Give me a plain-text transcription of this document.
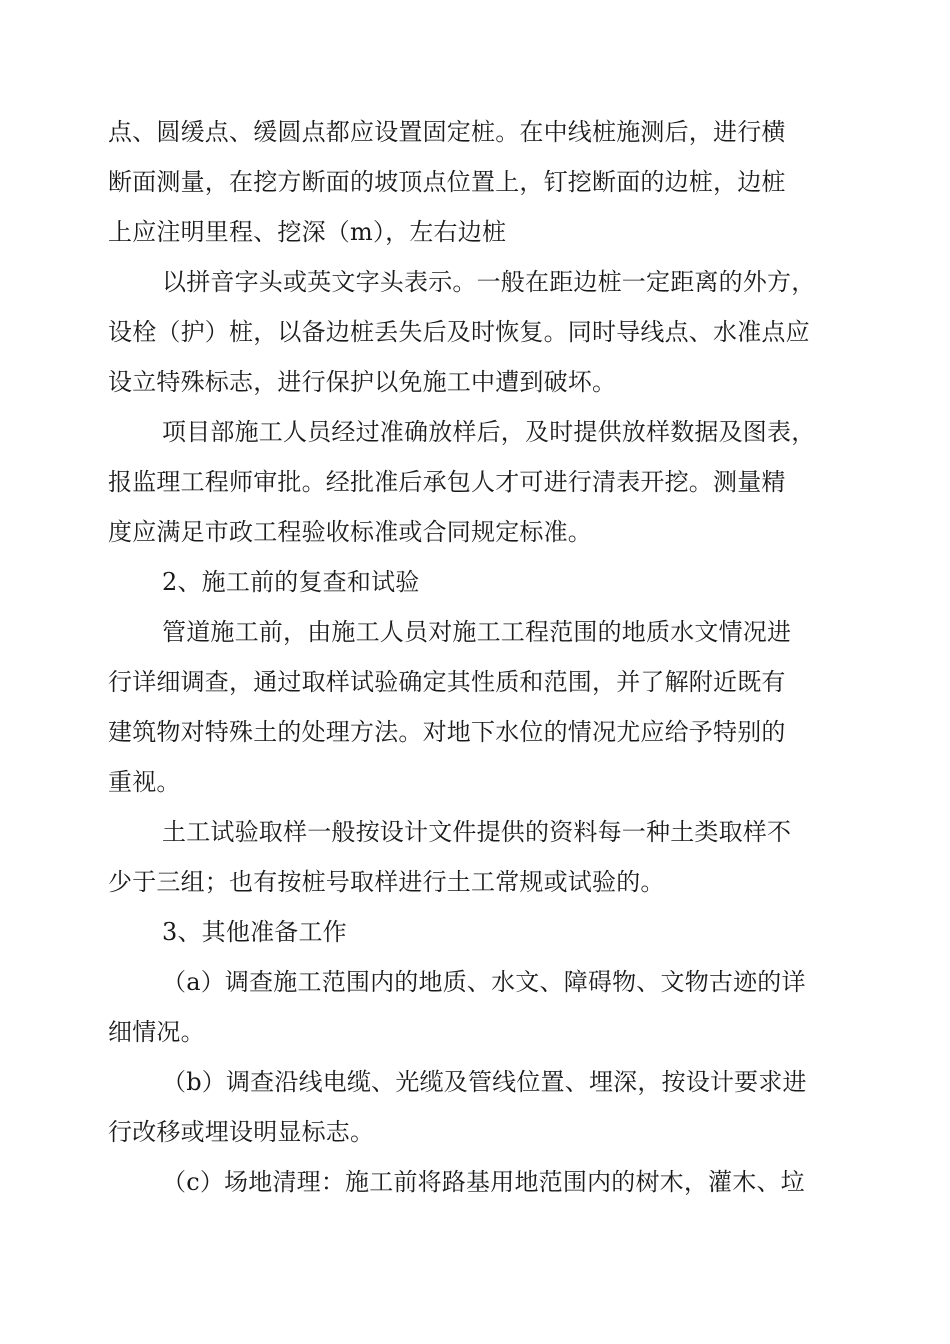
点、圆缓点、缓圆点都应设置固定桩。在中线桩施测后，进行横
断面测量，在挖方断面的坡顶点位置上，钉挖断面的边桩，边桩
上应注明里程、挖深（m），左右边桩
以拼音字头或英文字头表示。一般在距边桩一定距离的外方，
设栓（护）桩，以备边桩丢失后及时恢复。同时导线点、水准点应
设立特殊标志，进行保护以免施工中遭到破坏。
项目部施工人员经过准确放样后，及时提供放样数据及图表，
报监理工程师审批。经批准后承包人才可进行清表开挖。测量精
度应满足市政工程验收标准或合同规定标准。
2、施工前的复查和试验
管道施工前，由施工人员对施工工程范围的地质水文情况进
行详细调查，通过取样试验确定其性质和范围，并了解附近既有
建筑物对特殊土的处理方法。对地下水位的情况尤应给予特别的
重视。
土工试验取样一般按设计文件提供的资料每一种土类取样不
少于三组；也有按桩号取样进行土工常规或试验的。
3、其他准备工作
（a）调查施工范围内的地质、水文、障碍物、文物古迹的详
细情况。
（b）调查沿线电缆、光缆及管线位置、埋深，按设计要求进
行改移或埋设明显标志。
（c）场地清理：施工前将路基用地范围内的树木，灌木、垃
